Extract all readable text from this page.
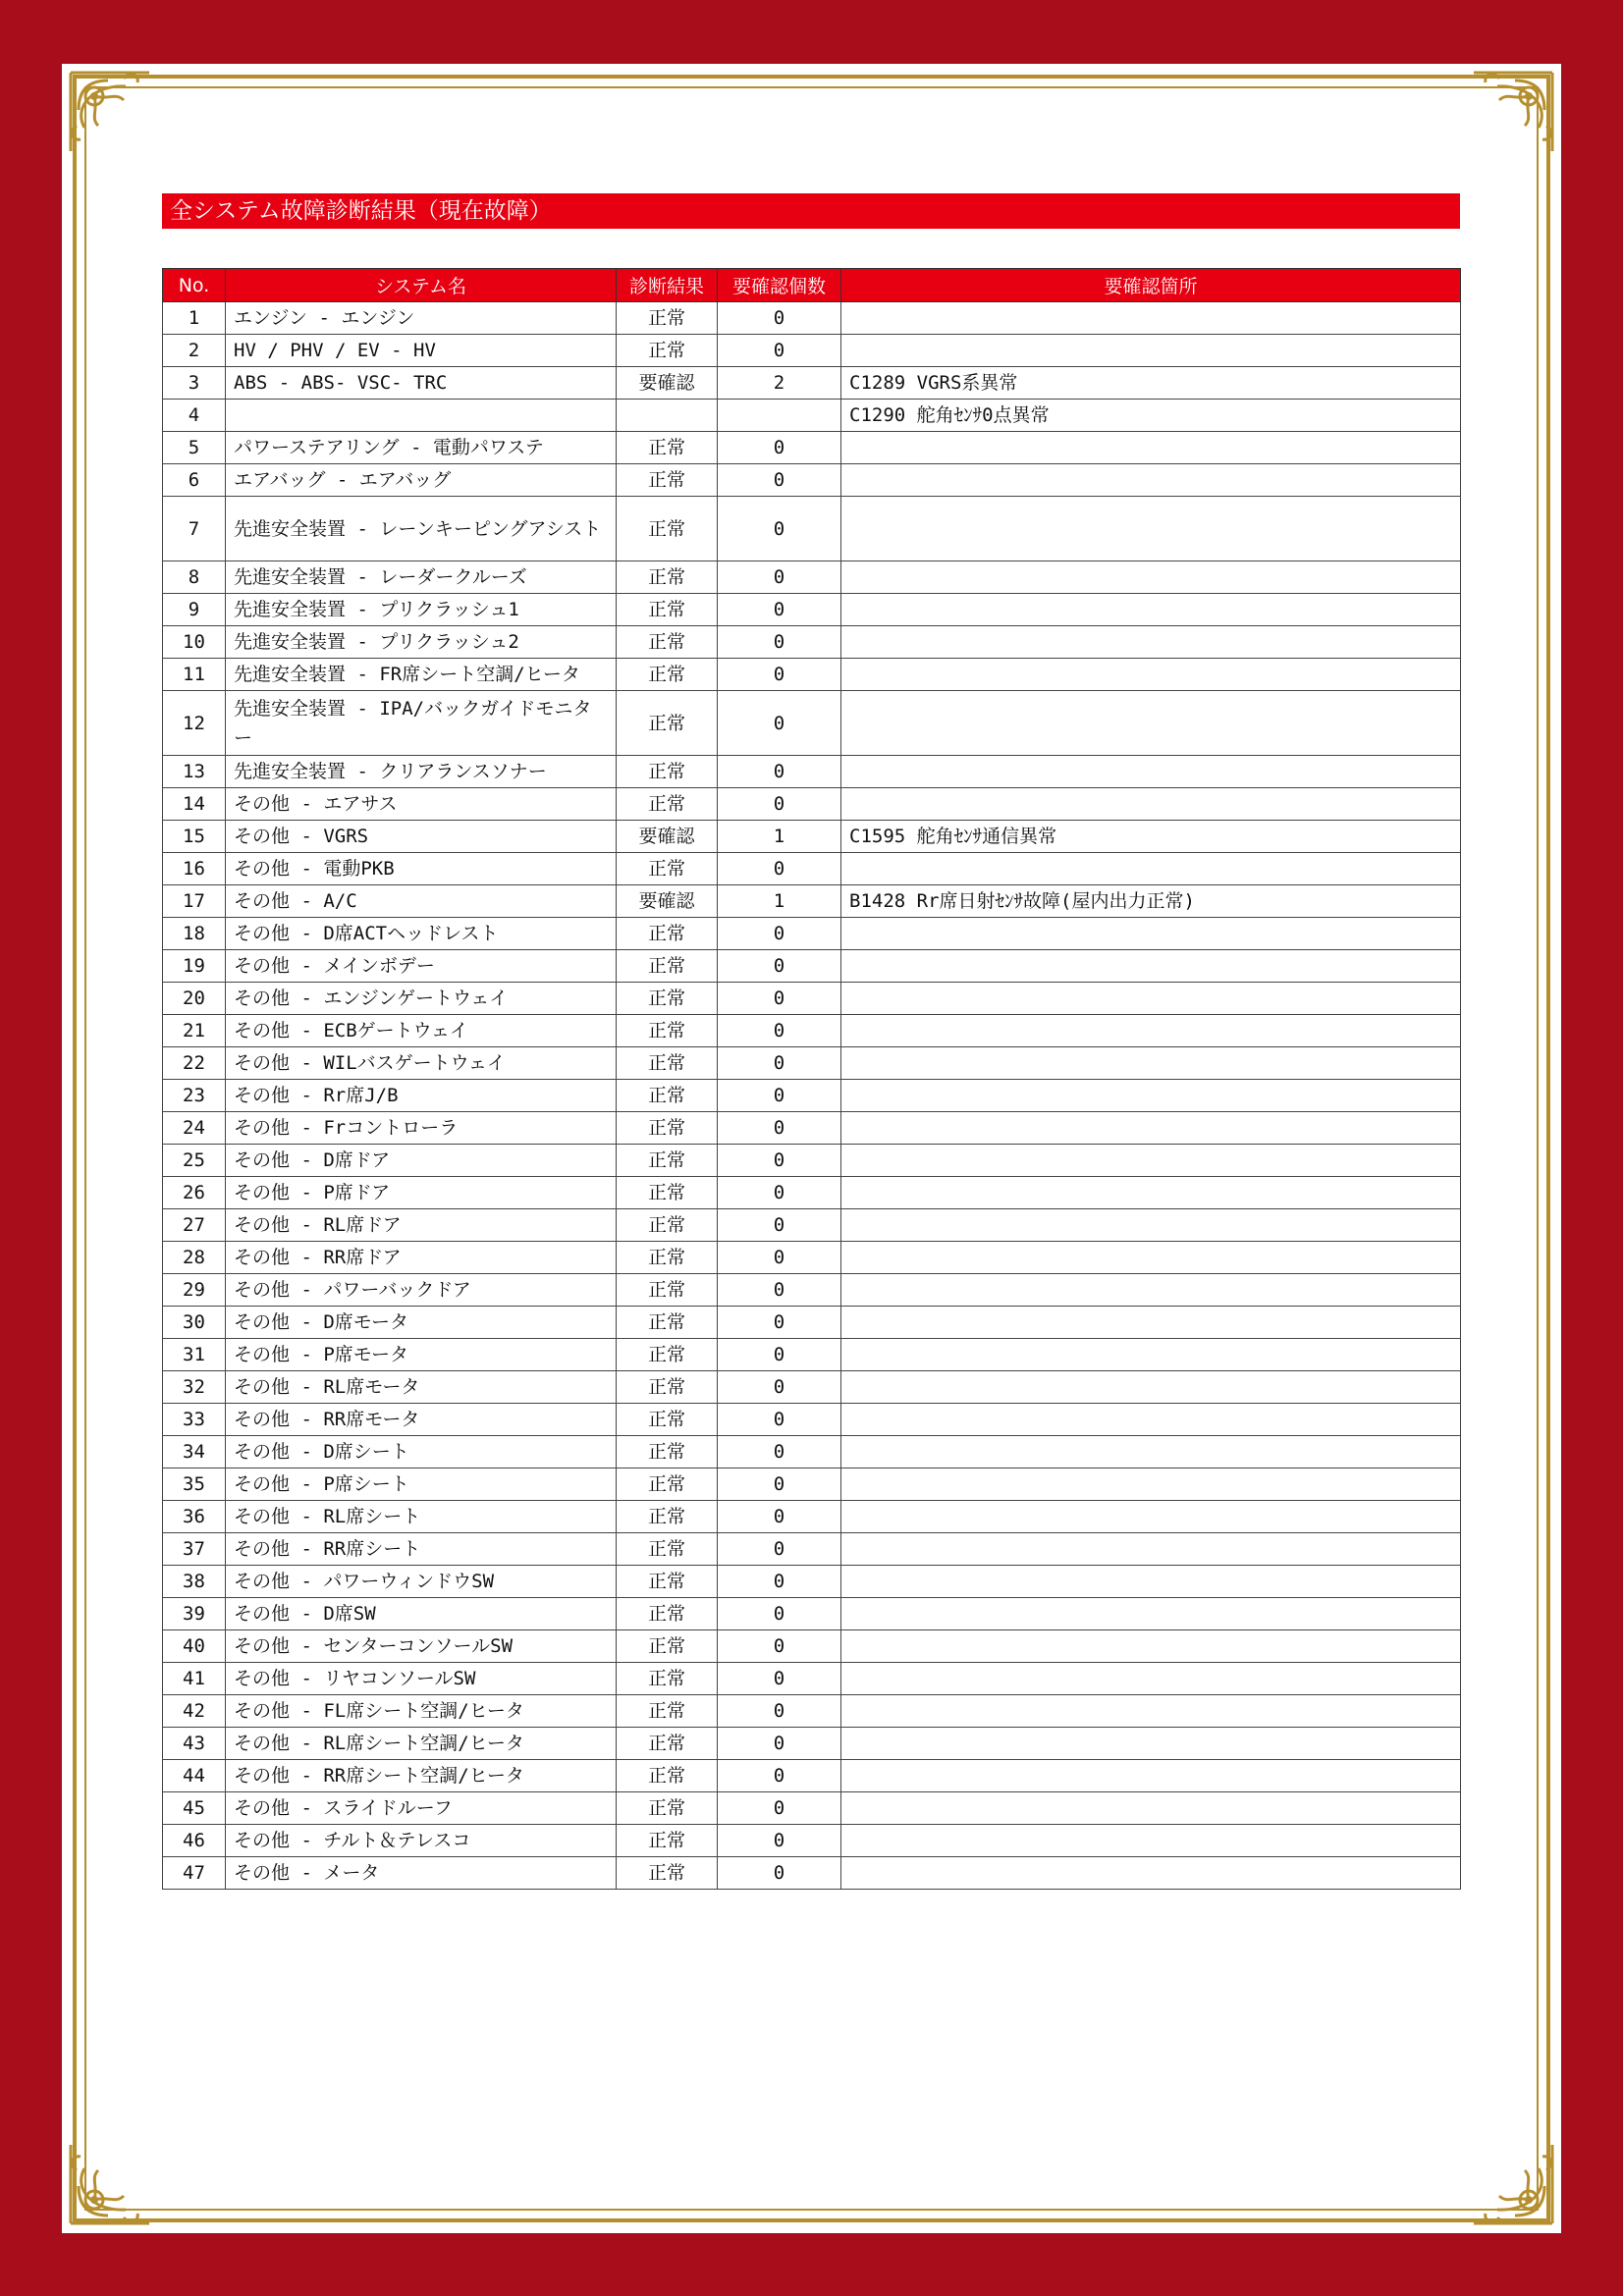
全システム故障診断結果（現在故障）
No.	システム名	診断結果	要確認個数	要確認箇所
1	エンジン - エンジン	正常	0	
2	HV / PHV / EV - HV	正常	0	
3	ABS - ABS- VSC- TRC	要確認	2	C1289 VGRS系異常
4				C1290 舵角ｾﾝｻ0点異常
5	パワーステアリング - 電動パワステ	正常	0	
6	エアバッグ - エアバッグ	正常	0	
7	先進安全装置 - レーンキーピングアシスト	正常	0	
8	先進安全装置 - レーダークルーズ	正常	0	
9	先進安全装置 - プリクラッシュ1	正常	0	
10	先進安全装置 - プリクラッシュ2	正常	0	
11	先進安全装置 - FR席シート空調/ヒータ	正常	0	
12	先進安全装置 - IPA/バックガイドモニター	正常	0	
13	先進安全装置 - クリアランスソナー	正常	0	
14	その他 - エアサス	正常	0	
15	その他 - VGRS	要確認	1	C1595 舵角ｾﾝｻ通信異常
16	その他 - 電動PKB	正常	0	
17	その他 - A/C	要確認	1	B1428 Rr席日射ｾﾝｻ故障(屋内出力正常)
18	その他 - D席ACTヘッドレスト	正常	0	
19	その他 - メインボデー	正常	0	
20	その他 - エンジンゲートウェイ	正常	0	
21	その他 - ECBゲートウェイ	正常	0	
22	その他 - WILバスゲートウェイ	正常	0	
23	その他 - Rr席J/B	正常	0	
24	その他 - Frコントローラ	正常	0	
25	その他 - D席ドア	正常	0	
26	その他 - P席ドア	正常	0	
27	その他 - RL席ドア	正常	0	
28	その他 - RR席ドア	正常	0	
29	その他 - パワーバックドア	正常	0	
30	その他 - D席モータ	正常	0	
31	その他 - P席モータ	正常	0	
32	その他 - RL席モータ	正常	0	
33	その他 - RR席モータ	正常	0	
34	その他 - D席シート	正常	0	
35	その他 - P席シート	正常	0	
36	その他 - RL席シート	正常	0	
37	その他 - RR席シート	正常	0	
38	その他 - パワーウィンドウSW	正常	0	
39	その他 - D席SW	正常	0	
40	その他 - センターコンソールSW	正常	0	
41	その他 - リヤコンソールSW	正常	0	
42	その他 - FL席シート空調/ヒータ	正常	0	
43	その他 - RL席シート空調/ヒータ	正常	0	
44	その他 - RR席シート空調/ヒータ	正常	0	
45	その他 - スライドルーフ	正常	0	
46	その他 - チルト＆テレスコ	正常	0	
47	その他 - メータ	正常	0	
